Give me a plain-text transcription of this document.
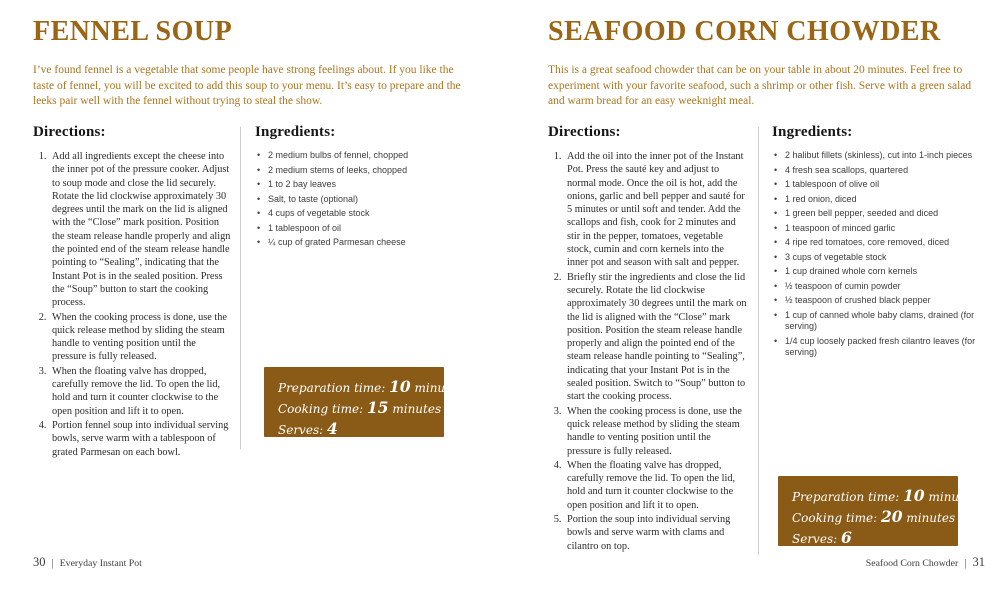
FENNEL SOUP

I’ve found fennel is a vegetable that some people have strong feelings about. If you like the taste of fennel, you will be excited to add this soup to your menu. It’s easy to prepare and the leeks pair well with the fennel without trying to steal the show.

Directions:
1. Add all ingredients except the cheese into the inner pot of the pressure cooker. Adjust to soup mode and close the lid securely. Rotate the lid clockwise approximately 30 degrees until the mark on the lid is aligned with the “Close” mark position. Position the steam release handle properly and align the pointed end of the steam release handle pointing to “Sealing”, indicating that the Instant Pot is in the sealed position. Press the “Soup” button to start the cooking process.
2. When the cooking process is done, use the quick release method by sliding the steam handle to venting position until the pressure is fully released.
3. When the floating valve has dropped, carefully remove the lid. To open the lid, hold and turn it counter clockwise to the open position and lift it to open.
4. Portion fennel soup into individual serving bowls, serve warm with a tablespoon of grated Parmesan on each bowl.
Ingredients:
• 2 medium bulbs of fennel, chopped
• 2 medium stems of leeks, chopped
• 1 to 2 bay leaves
• Salt, to taste (optional)
• 4 cups of vegetable stock
• 1 tablespoon of oil
• ¼ cup of grated Parmesan cheese
Preparation time: 10 minutes
Cooking time: 15 minutes
Serves: 4
30 | Everyday Instant Pot
SEAFOOD CORN CHOWDER

This is a great seafood chowder that can be on your table in about 20 minutes. Feel free to experiment with your favorite seafood, such a shrimp or other fish. Serve with a green salad and warm bread for an easy weeknight meal.

Directions:
1. Add the oil into the inner pot of the Instant Pot. Press the sauté key and adjust to normal mode. Once the oil is hot, add the onions, garlic and bell pepper and sauté for 5 minutes or until soft and tender. Add the scallops and fish, cook for 2 minutes and stir in the pepper, tomatoes, vegetable stock, cumin and corn kernels into the inner pot and season with salt and pepper.
2. Briefly stir the ingredients and close the lid securely. Rotate the lid clockwise approximately 30 degrees until the mark on the lid is aligned with the “Close” mark position. Position the steam release handle properly and align the pointed end of the steam release handle pointing to “Sealing”, indicating that your Instant Pot is in the sealed position. Switch to “Soup” button to start the cooking process.
3. When the cooking process is done, use the quick release method by sliding the steam handle to venting position until the pressure is fully released.
4. When the floating valve has dropped, carefully remove the lid. To open the lid, hold and turn it counter clockwise to the open position and lift it to open.
5. Portion the soup into individual serving bowls and serve warm with clams and cilantro on top.
Ingredients:
• 2 halibut fillets (skinless), cut into 1-inch pieces
• 4 fresh sea scallops, quartered
• 1 tablespoon of olive oil
• 1 red onion, diced
• 1 green bell pepper, seeded and diced
• 1 teaspoon of minced garlic
• 4 ripe red tomatoes, core removed, diced
• 3 cups of vegetable stock
• 1 cup drained whole corn kernels
• ½ teaspoon of cumin powder
• ½ teaspoon of crushed black pepper
• 1 cup of canned whole baby clams, drained (for serving)
• 1/4 cup loosely packed fresh cilantro leaves (for serving)
Preparation time: 10 minutes
Cooking time: 20 minutes
Serves: 6
Seafood Corn Chowder | 31
